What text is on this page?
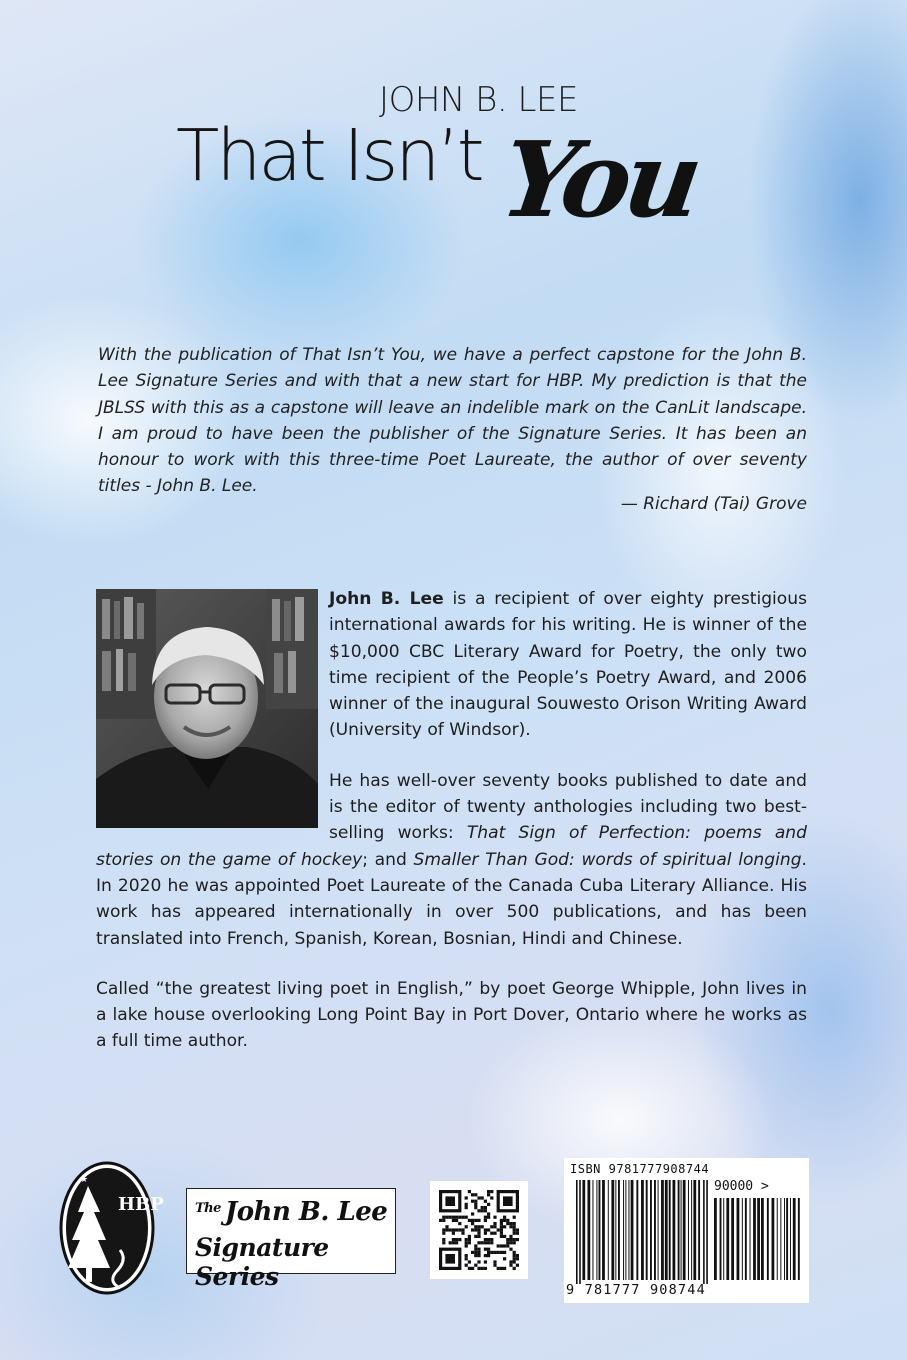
JOHN B. LEE
That Isn’t You
With the publication of That Isn’t You, we have a perfect capstone for the John B. Lee Signature Series and with that a new start for HBP. My prediction is that the JBLSS with this as a capstone will leave an indelible mark on the CanLit landscape. I am proud to have been the publisher of the Signature Series. It has been an honour to work with this three-time Poet Laureate, the author of over seventy titles - John B. Lee.
— Richard (Tai) Grove

John B. Lee is a recipient of over eighty prestigious international awards for his writing. He is winner of the $10,000 CBC Literary Award for Poetry, the only two time recipient of the People’s Poetry Award, and 2006 winner of the inaugural Souwesto Orison Writing Award (University of Windsor).

He has well-over seventy books published to date and is the editor of twenty anthologies including two best-selling works: That Sign of Perfection: poems and stories on the game of hockey; and Smaller Than God: words of spiritual longing. In 2020 he was appointed Poet Laureate of the Canada Cuba Literary Alliance. His work has appeared internationally in over 500 publications, and has been translated into French, Spanish, Korean, Bosnian, Hindi and Chinese.

Called “the greatest living poet in English,” by poet George Whipple, John lives in a lake house overlooking Long Point Bay in Port Dover, Ontario where he works as a full time author.

★
HBP $^{The}$ John B. Lee
Signature Series
ISBN 9781777908744
90000 >
9 781777 908744
